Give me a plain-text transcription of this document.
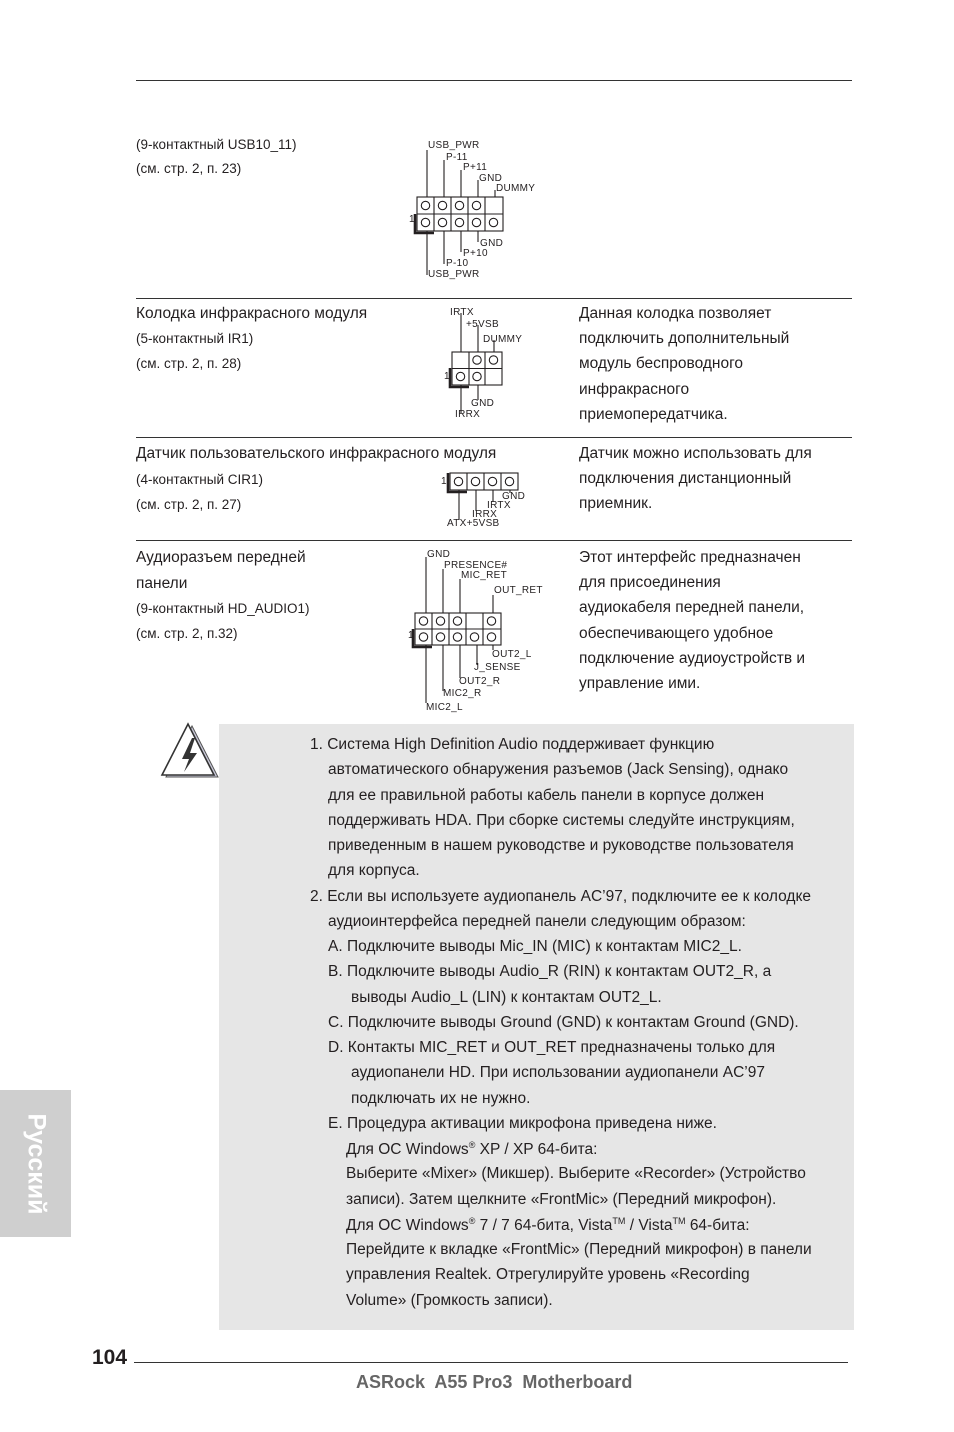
(9-контактный USB10_11)
(см. стр. 2, п. 23)
USB_PWR
P-11
P+11
GND
DUMMY
1
GND
P+10
P-10
USB_PWR
Колодка инфракрасного модуля
(5-контактный IR1)
(см. стр. 2, п. 28)
IRTX
+5VSB
DUMMY
1
GND
IRRX
Данная колодка позволяет
подключить дополнительный
модуль беспроводного
инфракрасного
приемопередатчика.
Датчик пользовательского инфракрасного модуля
(4-контактный CIR1)
(см. стр. 2, п. 27)
1
GND
IRTX
IRRX
ATX+5VSB
Датчик можно использовать для
подключения дистанционный
приемник.
Аудиоразъем передней
панели
(9-контактный HD_AUDIO1)
(см. стр. 2, п.32)
GND
PRESENCE#
MIC_RET
OUT_RET
1
OUT2_L
J_SENSE
OUT2_R
MIC2_R
MIC2_L
Этот интерфейс предназначен
для присоединения
аудиокабеля передней панели,
обеспечивающего удобное
подключение аудиоустройств и
управление ими.
1. Система High Definition Audio поддерживает функцию
автоматического обнаружения разъемов (Jack Sensing), однако
для ее правильной работы кабель панели в корпусе должен
поддерживать HDA. При сборке системы следуйте инструкциям,
приведенным в нашем руководстве и руководстве пользователя
для корпуса.
2. Если вы используете аудиопанель AC’97, подключите ее к колодке
аудиоинтерфейса передней панели следующим образом:
A. Подключите выводы Mic_IN (MIC) к контактам MIC2_L.
B. Подключите выводы Audio_R (RIN) к контактам OUT2_R, а
выводы Audio_L (LIN) к контактам OUT2_L.
C. Подключите выводы Ground (GND) к контактам Ground (GND).
D. Контакты MIC_RET и OUT_RET предназначены только для
аудиопанели HD. При использовании аудиопанели AC’97
подключать их не нужно.
E. Процедура активации микрофона приведена ниже.
Для ОС Windows® XP / XP 64-бита:
Выберите «Mixer» (Микшер). Выберите «Recorder» (Устройство
записи). Затем щелкните «FrontMic» (Передний микрофон).
Для ОС Windows® 7 / 7 64-бита, Vista™ / Vista™ 64-бита:
Перейдите к вкладке «FrontMic» (Передний микрофон) в панели
управления Realtek. Отрегулируйте уровень «Recording
Volume» (Громкость записи).
Русский
104
ASRock  A55 Pro3  Motherboard
